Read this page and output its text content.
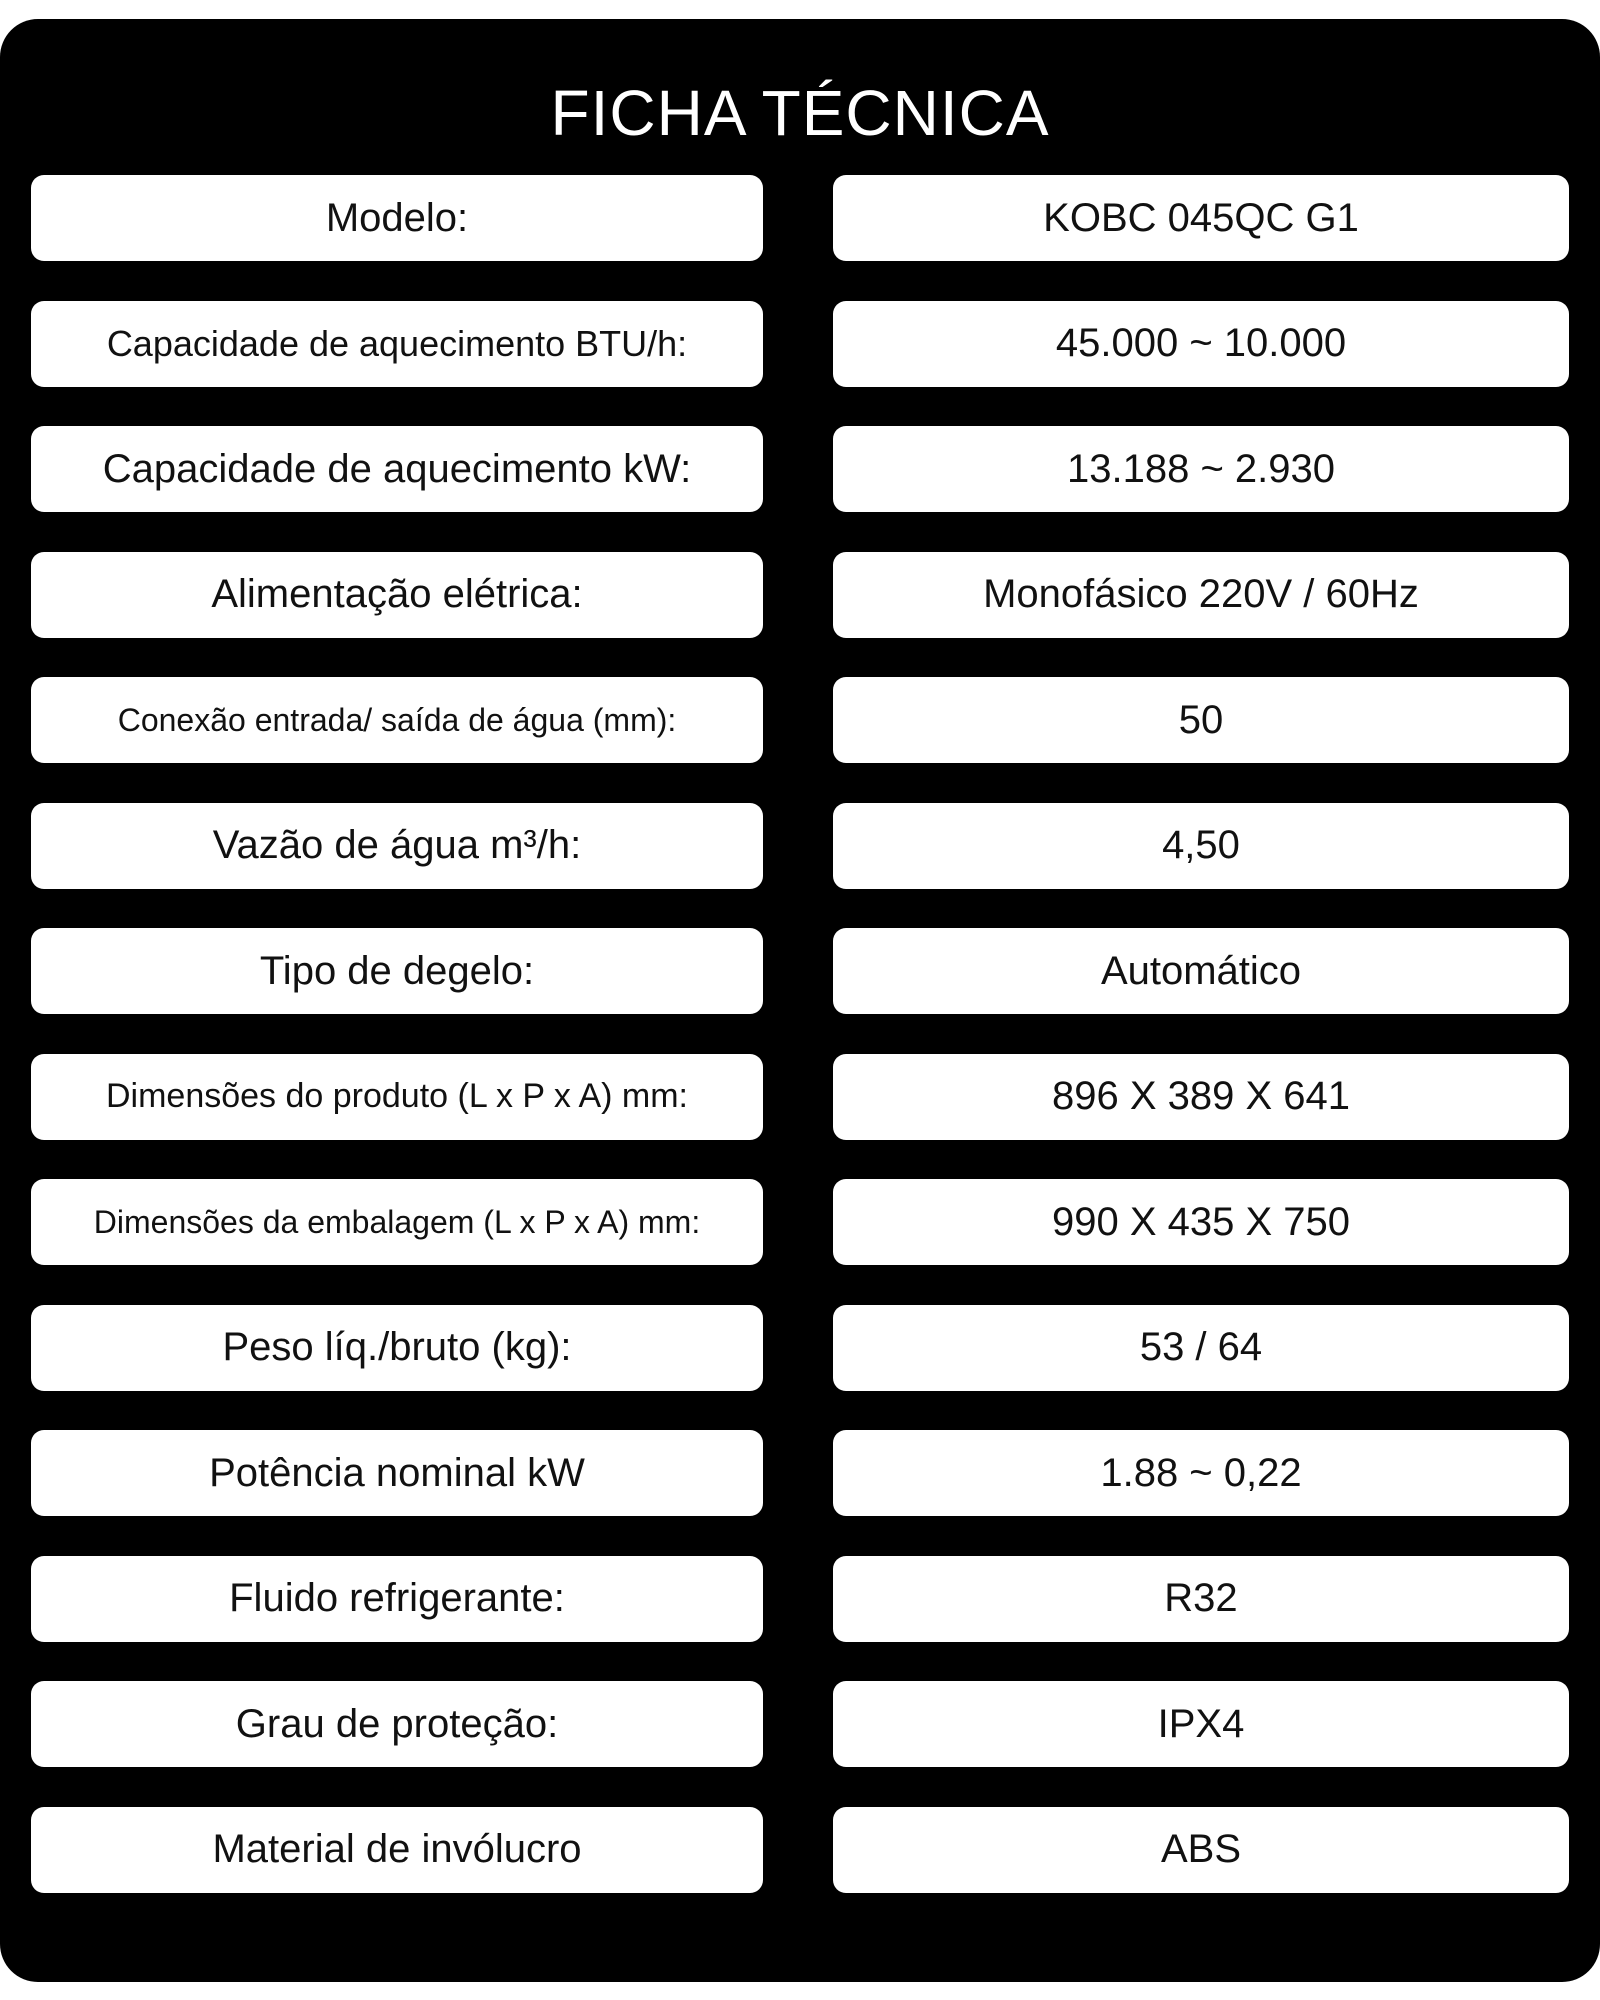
FICHA TÉCNICA
Modelo:	KOBC 045QC G1
Capacidade de aquecimento BTU/h:	45.000 ~ 10.000
Capacidade de aquecimento kW:	13.188 ~ 2.930
Alimentação elétrica:	Monofásico 220V / 60Hz
Conexão entrada/ saída de água (mm):	50
Vazão de água m³/h:	4,50
Tipo de degelo:	Automático
Dimensões do produto (L x P x A) mm:	896 X 389 X 641
Dimensões da embalagem (L x P x A) mm:	990 X 435 X 750
Peso líq./bruto (kg):	53 / 64
Potência nominal kW	1.88 ~ 0,22
Fluido refrigerante:	R32
Grau de proteção:	IPX4
Material de invólucro	ABS
